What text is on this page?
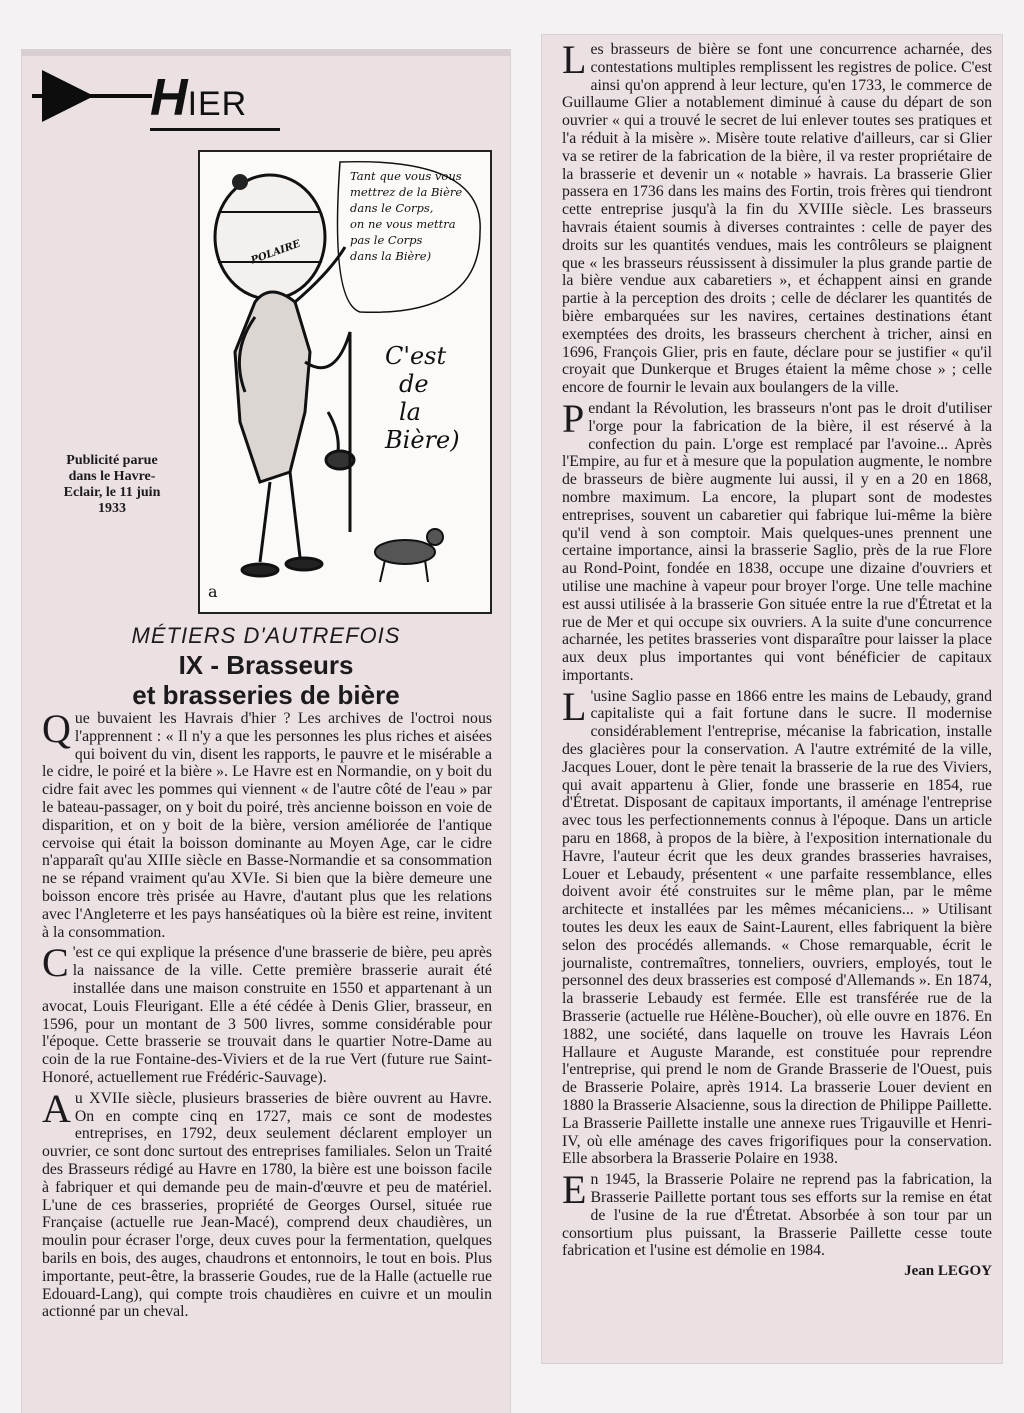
HIER
POLAIRE
Tant que vous vous
mettrez de la Bière
dans le Corps,
on ne vous mettra
pas le Corps
dans la Bière)
C'est
de
la
Bière)
a
Publicité parue dans le Havre-Eclair, le 11 juin 1933
MÉTIERS D'AUTREFOIS
IX - Brasseurs
et brasseries de bière

Que buvaient les Havrais d'hier ? Les archives de l'octroi nous l'apprennent : « Il n'y a que les personnes les plus riches et aisées qui boivent du vin, disent les rapports, le pauvre et le misérable a le cidre, le poiré et la bière ». Le Havre est en Normandie, on y boit du cidre fait avec les pommes qui viennent « de l'autre côté de l'eau » par le bateau-passager, on y boit du poiré, très ancienne boisson en voie de disparition, et on y boit de la bière, version améliorée de l'antique cervoise qui était la boisson dominante au Moyen Age, car le cidre n'apparaît qu'au XIIIe siècle en Basse-Normandie et sa consommation ne se répand vraiment qu'au XVIe. Si bien que la bière demeure une boisson encore très prisée au Havre, d'autant plus que les relations avec l'Angleterre et les pays hanséatiques où la bière est reine, invitent à la consommation.

C 'est ce qui explique la présence d'une brasserie de bière, peu après la naissance de la ville. Cette première brasserie aurait été installée dans une maison construite en 1550 et appartenant à un avocat, Louis Fleurigant. Elle a été cédée à Denis Glier, brasseur, en 1596, pour un montant de 3 500 livres, somme considérable pour l'époque. Cette brasserie se trouvait dans le quartier Notre-Dame au coin de la rue Fontaine-des-Viviers et de la rue Vert (future rue Saint-Honoré, actuellement rue Frédéric-Sauvage).

Au XVIIe siècle, plusieurs brasseries de bière ouvrent au Havre. On en compte cinq en 1727, mais ce sont de modestes entreprises, en 1792, deux seulement déclarent employer un ouvrier, ce sont donc surtout des entreprises familiales. Selon un Traité des Brasseurs rédigé au Havre en 1780, la bière est une boisson facile à fabriquer et qui demande peu de main-d'œuvre et peu de matériel. L'une de ces brasseries, propriété de Georges Oursel, située rue Française (actuelle rue Jean-Macé), comprend deux chaudières, un moulin pour écraser l'orge, deux cuves pour la fermentation, quelques barils en bois, des auges, chaudrons et entonnoirs, le tout en bois. Plus importante, peut-être, la brasserie Goudes, rue de la Halle (actuelle rue Edouard-Lang), qui compte trois chaudières en cuivre et un moulin actionné par un cheval.

Les brasseurs de bière se font une concurrence acharnée, des contestations multiples remplissent les registres de police. C'est ainsi qu'on apprend à leur lecture, qu'en 1733, le commerce de Guillaume Glier a notablement diminué à cause du départ de son ouvrier « qui a trouvé le secret de lui enlever toutes ses pratiques et l'a réduit à la misère ». Misère toute relative d'ailleurs, car si Glier va se retirer de la fabrication de la bière, il va rester propriétaire de la brasserie et devenir un « notable » havrais. La brasserie Glier passera en 1736 dans les mains des Fortin, trois frères qui tiendront cette entreprise jusqu'à la fin du XVIIIe siècle. Les brasseurs havrais étaient soumis à diverses contraintes : celle de payer des droits sur les quantités vendues, mais les contrôleurs se plaignent que « les brasseurs réussissent à dissimuler la plus grande partie de la bière vendue aux cabaretiers », et échappent ainsi en grande partie à la perception des droits ; celle de déclarer les quantités de bière embarquées sur les navires, certaines destinations étant exemptées des droits, les brasseurs cherchent à tricher, ainsi en 1696, François Glier, pris en faute, déclare pour se justifier « qu'il croyait que Dunkerque et Bruges étaient la même chose » ; celle encore de fournir le levain aux boulangers de la ville.

Pendant la Révolution, les brasseurs n'ont pas le droit d'utiliser l'orge pour la fabrication de la bière, il est réservé à la confection du pain. L'orge est remplacé par l'avoine... Après l'Empire, au fur et à mesure que la population augmente, le nombre de brasseurs de bière augmente lui aussi, il y en a 20 en 1868, nombre maximum. La encore, la plupart sont de modestes entreprises, souvent un cabaretier qui fabrique lui-même la bière qu'il vend à son comptoir. Mais quelques-unes prennent une certaine importance, ainsi la brasserie Saglio, près de la rue Flore au Rond-Point, fondée en 1838, occupe une dizaine d'ouvriers et utilise une machine à vapeur pour broyer l'orge. Une telle machine est aussi utilisée à la brasserie Gon située entre la rue d'Étretat et la rue de Mer et qui occupe six ouvriers. A la suite d'une concurrence acharnée, les petites brasseries vont disparaître pour laisser la place aux deux plus importantes qui vont bénéficier de capitaux importants.

L 'usine Saglio passe en 1866 entre les mains de Lebaudy, grand capitaliste qui a fait fortune dans le sucre. Il modernise considérablement l'entreprise, mécanise la fabrication, installe des glacières pour la conservation. A l'autre extrémité de la ville, Jacques Louer, dont le père tenait la brasserie de la rue des Viviers, qui avait appartenu à Glier, fonde une brasserie en 1854, rue d'Étretat. Disposant de capitaux importants, il aménage l'entreprise avec tous les perfectionnements connus à l'époque. Dans un article paru en 1868, à propos de la bière, à l'exposition internationale du Havre, l'auteur écrit que les deux grandes brasseries havraises, Louer et Lebaudy, présentent « une parfaite ressemblance, elles doivent avoir été construites sur le même plan, par le même architecte et installées par les mêmes mécaniciens... » Utilisant toutes les deux les eaux de Saint-Laurent, elles fabriquent la bière selon des procédés allemands. « Chose remarquable, écrit le journaliste, contremaîtres, tonneliers, ouvriers, employés, tout le personnel des deux brasseries est composé d'Allemands ». En 1874, la brasserie Lebaudy est fermée. Elle est transférée rue de la Brasserie (actuelle rue Hélène-Boucher), où elle ouvre en 1876. En 1882, une société, dans laquelle on trouve les Havrais Léon Hallaure et Auguste Marande, est constituée pour reprendre l'entreprise, qui prend le nom de Grande Brasserie de l'Ouest, puis de Brasserie Polaire, après 1914. La brasserie Louer devient en 1880 la Brasserie Alsacienne, sous la direction de Philippe Paillette. La Brasserie Paillette installe une annexe rues Trigauville et Henri-IV, où elle aménage des caves frigorifiques pour la conservation. Elle absorbera la Brasserie Polaire en 1938.

En 1945, la Brasserie Polaire ne reprend pas la fabrication, la Brasserie Paillette portant tous ses efforts sur la remise en état de l'usine de la rue d'Étretat. Absorbée à son tour par un consortium plus puissant, la Brasserie Paillette cesse toute fabrication et l'usine est démolie en 1984.

Jean LEGOY
